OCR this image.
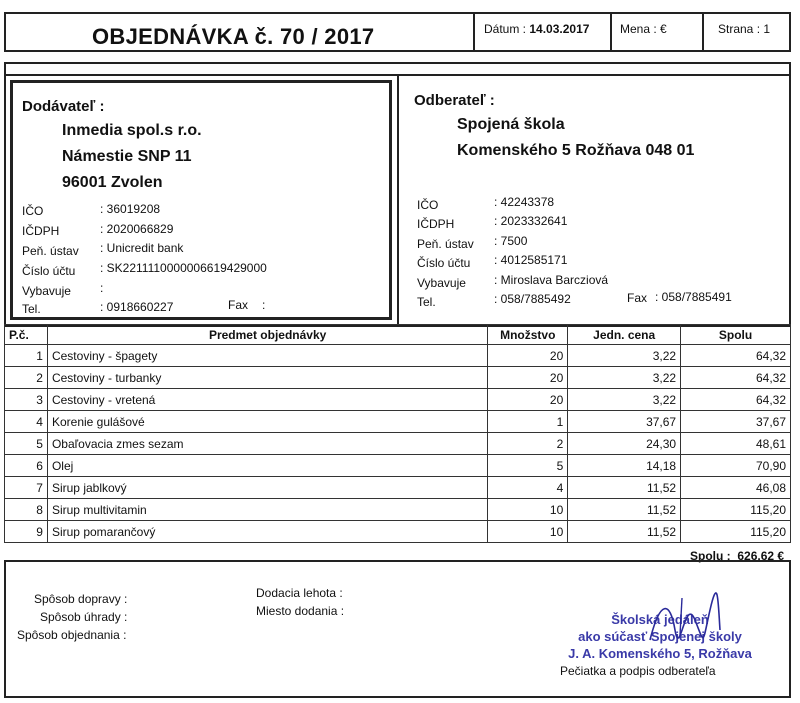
OBJEDNÁVKA č. 70 / 2017	Dátum : 14.03.2017	Mena : €	Strana : 1
Dodávateľ :
Inmedia spol.s r.o.
Námestie SNP 11
96001 Zvolen
IČO	: 36019208
IČDPH	: 2020066829
Peň. ústav : Unicredit bank
Číslo účtu : SK2211110000006619429000
Vybavuje :
Tel.	: 0918660227	Fax :
Odberateľ :
Spojená škola
Komenského 5 Rožňava 048 01
IČO	: 42243378
IČDPH	: 2023332641
Peň. ústav : 7500
Číslo účtu : 4012585171
Vybavuje : Miroslava Barcziová
Tel.	: 058/7885492	Fax : 058/7885491
P.č.	Predmet objednávky	Množstvo	Jedn. cena	Spolu
1	Cestoviny - špagety	20	3,22	64,32
2	Cestoviny - turbanky	20	3,22	64,32
3	Cestoviny - vretená	20	3,22	64,32
4	Korenie gulášové	1	37,67	37,67
5	Obaľovacia zmes sezam	2	24,30	48,61
6	Olej	5	14,18	70,90
7	Sirup jablkový	4	11,52	46,08
8	Sirup multivitamin	10	11,52	115,20
9	Sirup pomarančový	10	11,52	115,20
Spolu : 626,62 €
Spôsob dopravy :
Spôsob úhrady :
Spôsob objednania :
Dodacia lehota :
Miesto dodania :
Školská jedáleň
ako súčasť Spojenej školy
J. A. Komenského 5, Rožňava
Pečiatka a podpis odberateľa
